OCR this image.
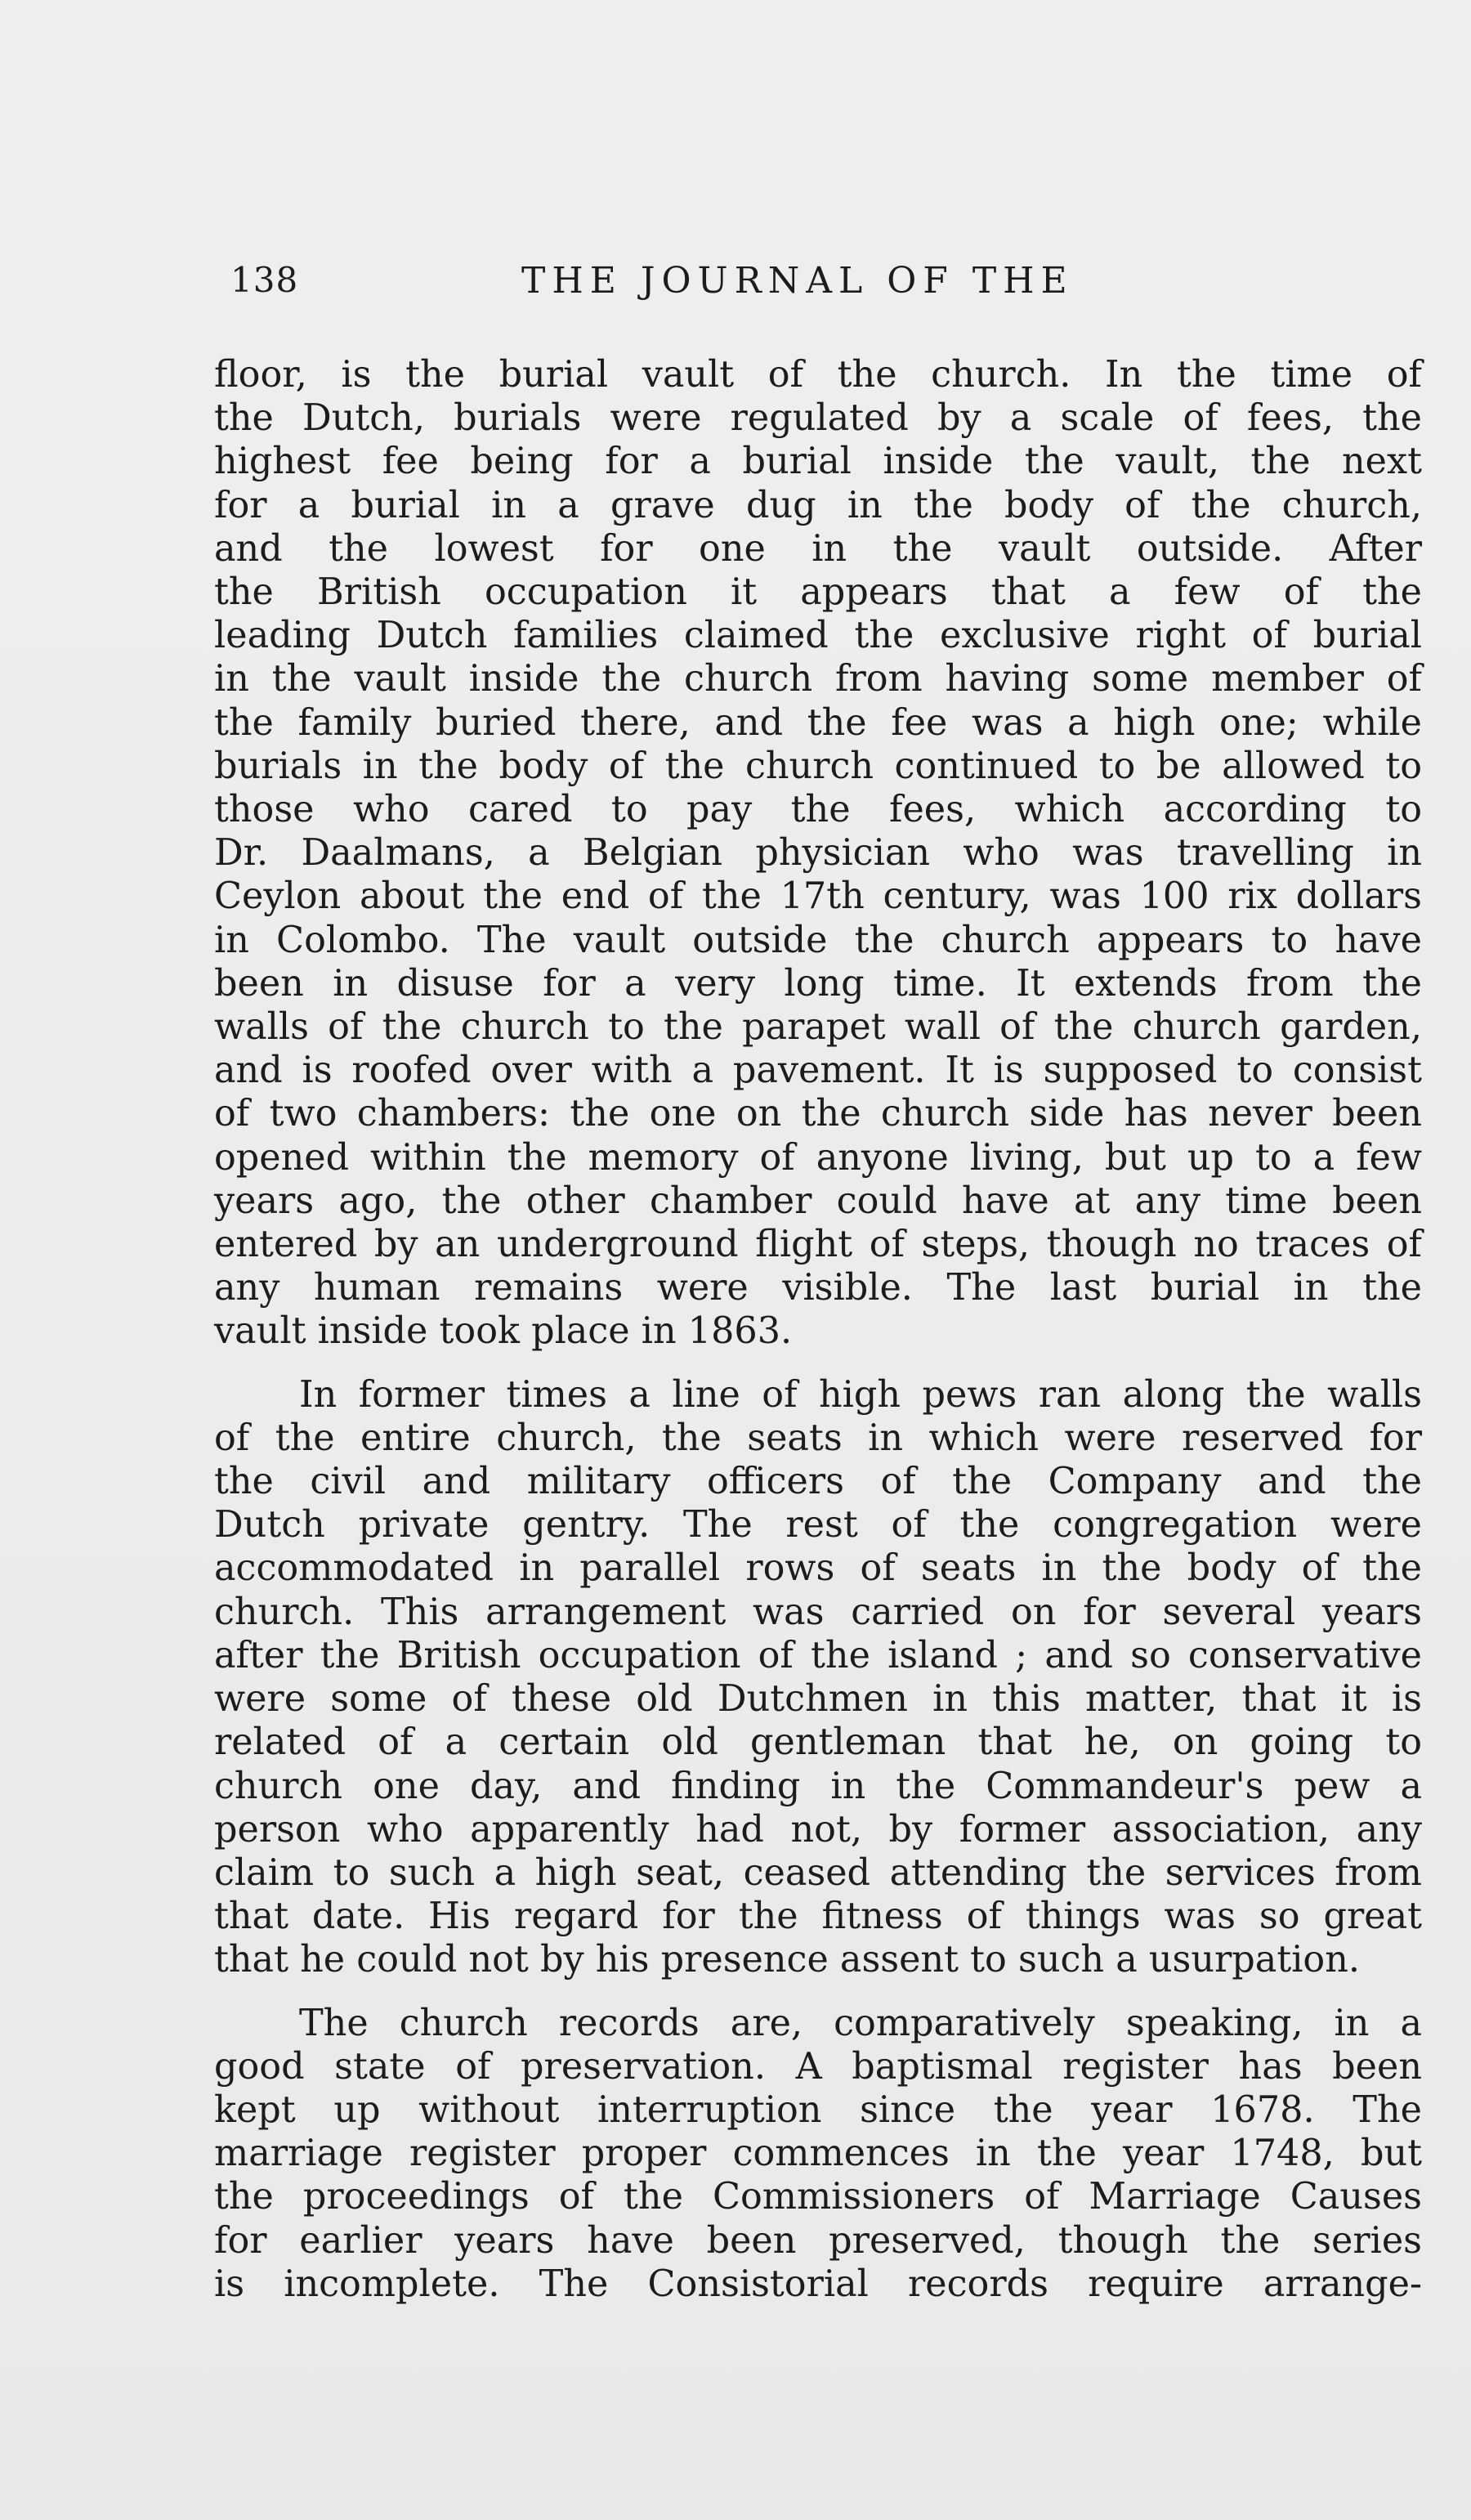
138	THE JOURNAL OF THE
floor, is the burial vault of the church. In the time of
the Dutch, burials were regulated by a scale of fees, the
highest fee being for a burial inside the vault, the next
for a burial in a grave dug in the body of the church,
and the lowest for one in the vault outside. After
the British occupation it appears that a few of the
leading Dutch families claimed the exclusive right of burial
in the vault inside the church from having some member of
the family buried there, and the fee was a high one; while
burials in the body of the church continued to be allowed to
those who cared to pay the fees, which according to
Dr. Daalmans, a Belgian physician who was travelling in
Ceylon about the end of the 17th century, was 100 rix dollars
in Colombo. The vault outside the church appears to have
been in disuse for a very long time. It extends from the
walls of the church to the parapet wall of the church garden,
and is roofed over with a pavement. It is supposed to consist
of two chambers: the one on the church side has never been
opened within the memory of anyone living, but up to a few
years ago, the other chamber could have at any time been
entered by an underground flight of steps, though no traces of
any human remains were visible. The last burial in the
vault inside took place in 1863.
In former times a line of high pews ran along the walls
of the entire church, the seats in which were reserved for
the civil and military officers of the Company and the
Dutch private gentry. The rest of the congregation were
accommodated in parallel rows of seats in the body of the
church. This arrangement was carried on for several years
after the British occupation of the island ; and so conservative
were some of these old Dutchmen in this matter, that it is
related of a certain old gentleman that he, on going to
church one day, and finding in the Commandeur's pew a
person who apparently had not, by former association, any
claim to such a high seat, ceased attending the services from
that date. His regard for the fitness of things was so great
that he could not by his presence assent to such a usurpation.
The church records are, comparatively speaking, in a
good state of preservation. A baptismal register has been
kept up without interruption since the year 1678. The
marriage register proper commences in the year 1748, but
the proceedings of the Commissioners of Marriage Causes
for earlier years have been preserved, though the series
is incomplete. The Consistorial records require arrange-
